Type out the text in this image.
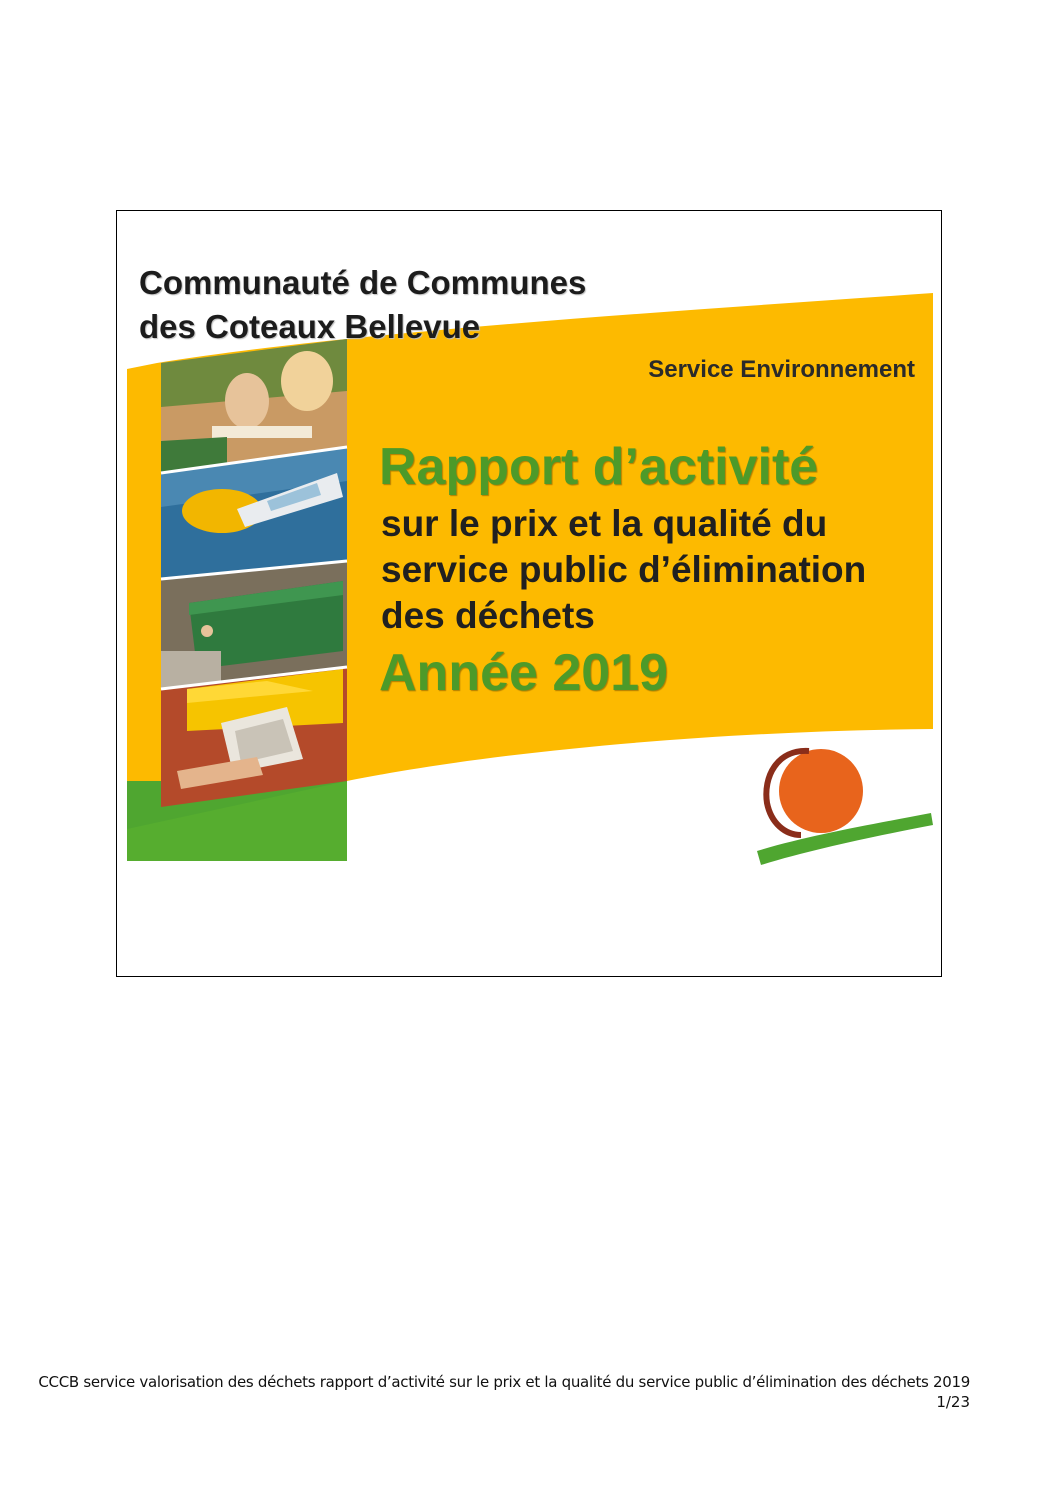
Communauté de Communes
des Coteaux Bellevue
Service Environnement
Rapport d’activité
sur le prix et la qualité du
service public d’élimination
des déchets
Année 2019
CCCB service valorisation des déchets rapport d’activité sur le prix et la qualité du service public d’élimination des déchets 2019
1/23
